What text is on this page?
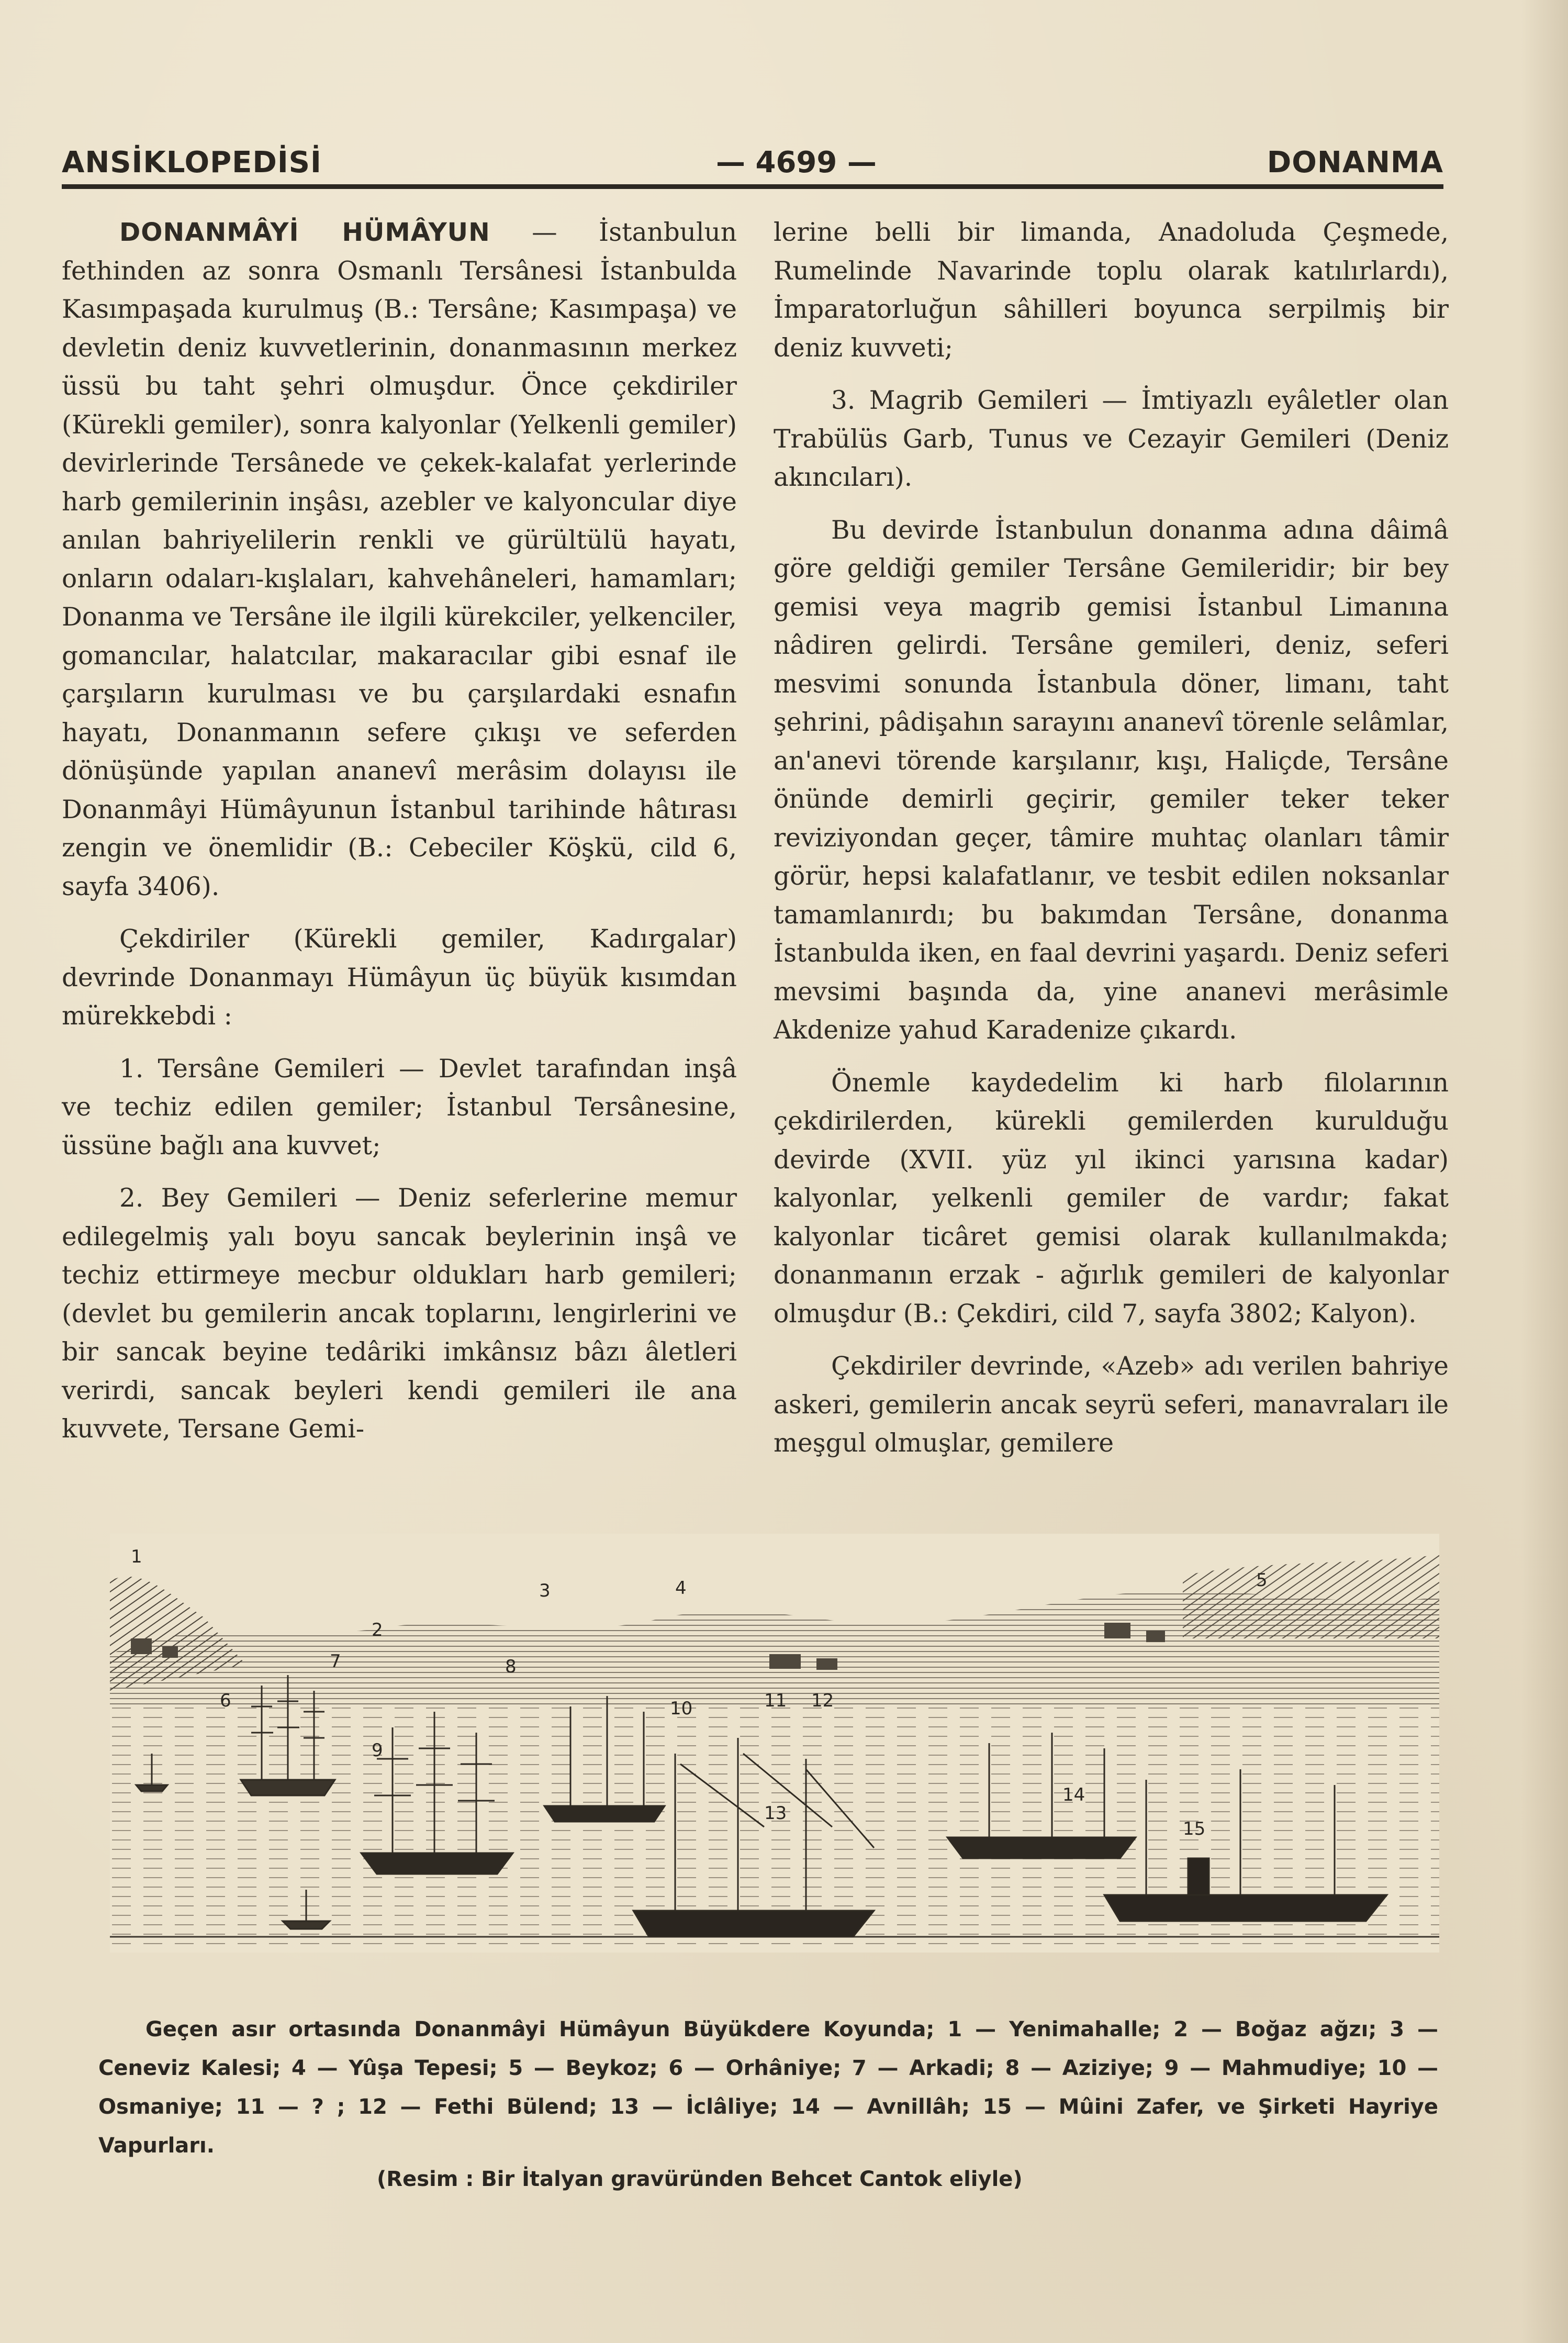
ANSİKLOPEDİSİ	— 4699 —	DONANMA

DONANMÂYİ HÜMÂYUN — İstanbulun fethinden az sonra Osmanlı Tersânesi İstanbulda Kasımpaşada kurulmuş (B.: Tersâne; Kasımpaşa) ve devletin deniz kuvvetlerinin, donanmasının merkez üssü bu taht şehri olmuşdur. Önce çekdiriler (Kürekli gemiler), sonra kalyonlar (Yelkenli gemiler) devirlerinde Tersânede ve çekek-kalafat yerlerinde harb gemilerinin inşâsı, azebler ve kalyoncular diye anılan bahriyelilerin renkli ve gürültülü hayatı, onların odaları-kışlaları, kahvehâneleri, hamamları; Donanma ve Tersâne ile ilgili kürekciler, yelkenciler, gomancılar, halatcılar, makaracılar gibi esnaf ile çarşıların kurulması ve bu çarşılardaki esnafın hayatı, Donanmanın sefere çıkışı ve seferden dönüşünde yapılan ananevî merâsim dolayısı ile Donanmâyi Hümâyunun İstanbul tarihinde hâtırası zengin ve önemlidir (B.: Cebeciler Köşkü, cild 6, sayfa 3406).

Çekdiriler (Kürekli gemiler, Kadırgalar) devrinde Donanmayı Hümâyun üç büyük kısımdan mürekkebdi :

1. Tersâne Gemileri — Devlet tarafından inşâ ve techiz edilen gemiler; İstanbul Tersânesine, üssüne bağlı ana kuvvet;

2. Bey Gemileri — Deniz seferlerine memur edilegelmiş yalı boyu sancak beylerinin inşâ ve techiz ettirmeye mecbur oldukları harb gemileri; (devlet bu gemilerin ancak toplarını, lengirlerini ve bir sancak beyine tedâriki imkânsız bâzı âletleri verirdi, sancak beyleri kendi gemileri ile ana kuvvete, Tersane Gemi-

lerine belli bir limanda, Anadoluda Çeşmede, Rumelinde Navarinde toplu olarak katılırlardı), İmparatorluğun sâhilleri boyunca serpilmiş bir deniz kuvveti;

3. Magrib Gemileri — İmtiyazlı eyâletler olan Trabülüs Garb, Tunus ve Cezayir Gemileri (Deniz akıncıları).

Bu devirde İstanbulun donanma adına dâimâ göre geldiği gemiler Tersâne Gemileridir; bir bey gemisi veya magrib gemisi İstanbul Limanına nâdiren gelirdi. Tersâne gemileri, deniz, seferi mesvimi sonunda İstanbula döner, limanı, taht şehrini, pâdişahın sarayını ananevî törenle selâmlar, an'anevi törende karşılanır, kışı, Haliçde, Tersâne önünde demirli geçirir, gemiler teker teker reviziyondan geçer, tâmire muhtaç olanları tâmir görür, hepsi kalafatlanır, ve tesbit edilen noksanlar tamamlanırdı; bu bakımdan Tersâne, donanma İstanbulda iken, en faal devrini yaşardı. Deniz seferi mevsimi başında da, yine ananevi merâsimle Akdenize yahud Karadenize çıkardı.

Önemle kaydedelim ki harb filolarının çekdirilerden, kürekli gemilerden kurulduğu devirde (XVII. yüz yıl ikinci yarısına kadar) kalyonlar, yelkenli gemiler de vardır; fakat kalyonlar ticâret gemisi olarak kullanılmakda; donanmanın erzak - ağırlık gemileri de kalyonlar olmuşdur (B.: Çekdiri, cild 7, sayfa 3802; Kalyon).

Çekdiriler devrinde, «Azeb» adı verilen bahriye askeri, gemilerin ancak seyrü seferi, manavraları ile meşgul olmuşlar, gemilere

1
2
3	4	5
6
7	8
9
10	11 12
13
14
15

Geçen asır ortasında Donanmâyi Hümâyun Büyükdere Koyunda; 1 — Yenimahalle; 2 — Boğaz ağzı; 3 — Ceneviz Kalesi; 4 — Yûşa Tepesi; 5 — Beykoz; 6 — Orhâniye; 7 — Arkadi; 8 — Aziziye; 9 — Mahmudiye; 10 — Osmaniye; 11 — ? ; 12 — Fethi Bülend; 13 — İclâliye; 14 — Avnillâh; 15 — Mûini Zafer, ve Şirketi Hayriye Vapurları.

(Resim : Bir İtalyan gravüründen Behcet Cantok eliyle)
